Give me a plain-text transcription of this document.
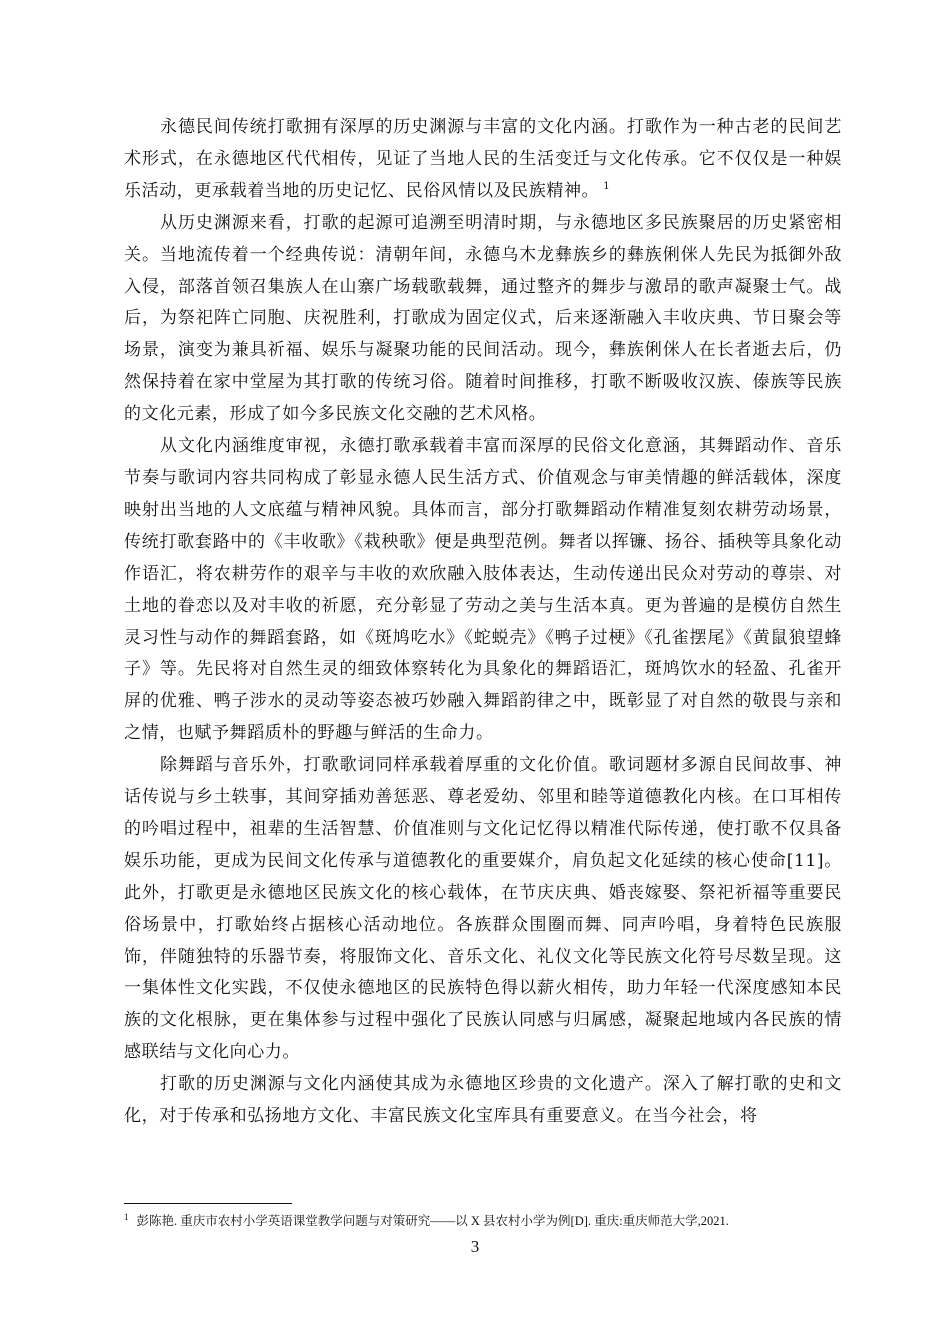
永德民间传统打歌拥有深厚的历史渊源与丰富的文化内涵。打歌作为一种古老的民间艺术形式，在永德地区代代相传，见证了当地人民的生活变迁与文化传承。它不仅仅是一种娱乐活动，更承载着当地的历史记忆、民俗风情以及民族精神。 $^1$

从历史渊源来看，打歌的起源可追溯至明清时期，与永德地区多民族聚居的历史紧密相关。当地流传着一个经典传说：清朝年间，永德乌木龙彝族乡的彝族俐侎人先民为抵御外敌入侵，部落首领召集族人在山寨广场载歌载舞，通过整齐的舞步与激昂的歌声凝聚士气。战后，为祭祀阵亡同胞、庆祝胜利，打歌成为固定仪式，后来逐渐融入丰收庆典、节日聚会等场景，演变为兼具祈福、娱乐与凝聚功能的民间活动。现今，彝族俐侎人在长者逝去后，仍然保持着在家中堂屋为其打歌的传统习俗。随着时间推移，打歌不断吸收汉族、傣族等民族的文化元素，形成了如今多民族文化交融的艺术风格。

从文化内涵维度审视，永德打歌承载着丰富而深厚的民俗文化意涵，其舞蹈动作、音乐节奏与歌词内容共同构成了彰显永德人民生活方式、价值观念与审美情趣的鲜活载体，深度映射出当地的人文底蕴与精神风貌。具体而言，部分打歌舞蹈动作精准复刻农耕劳动场景，传统打歌套路中的《丰收歌》《栽秧歌》便是典型范例。舞者以挥镰、扬谷、插秧等具象化动作语汇，将农耕劳作的艰辛与丰收的欢欣融入肢体表达，生动传递出民众对劳动的尊崇、对土地的眷恋以及对丰收的祈愿，充分彰显了劳动之美与生活本真。更为普遍的是模仿自然生灵习性与动作的舞蹈套路，如《斑鸠吃水》《蛇蜕壳》《鸭子过梗》《孔雀摆尾》《黄鼠狼望蜂子》等。先民将对自然生灵的细致体察转化为具象化的舞蹈语汇，斑鸠饮水的轻盈、孔雀开屏的优雅、鸭子涉水的灵动等姿态被巧妙融入舞蹈韵律之中，既彰显了对自然的敬畏与亲和之情，也赋予舞蹈质朴的野趣与鲜活的生命力。

除舞蹈与音乐外，打歌歌词同样承载着厚重的文化价值。歌词题材多源自民间故事、神话传说与乡土轶事，其间穿插劝善惩恶、尊老爱幼、邻里和睦等道德教化内核。在口耳相传的吟唱过程中，祖辈的生活智慧、价值准则与文化记忆得以精准代际传递，使打歌不仅具备娱乐功能，更成为民间文化传承与道德教化的重要媒介，肩负起文化延续的核心使命[11]。此外，打歌更是永德地区民族文化的核心载体，在节庆庆典、婚丧嫁娶、祭祀祈福等重要民俗场景中，打歌始终占据核心活动地位。各族群众围圈而舞、同声吟唱，身着特色民族服饰，伴随独特的乐器节奏，将服饰文化、音乐文化、礼仪文化等民族文化符号尽数呈现。这一集体性文化实践，不仅使永德地区的民族特色得以薪火相传，助力年轻一代深度感知本民族的文化根脉，更在集体参与过程中强化了民族认同感与归属感，凝聚起地域内各民族的情感联结与文化向心力。

打歌的历史渊源与文化内涵使其成为永德地区珍贵的文化遗产。深入了解打歌的史和文化，对于传承和弘扬地方文化、丰富民族文化宝库具有重要意义。在当今社会，将

$^1$ 彭陈艳. 重庆市农村小学英语课堂教学问题与对策研究——以 X 县农村小学为例[D]. 重庆:重庆师范大学,2021.
3
